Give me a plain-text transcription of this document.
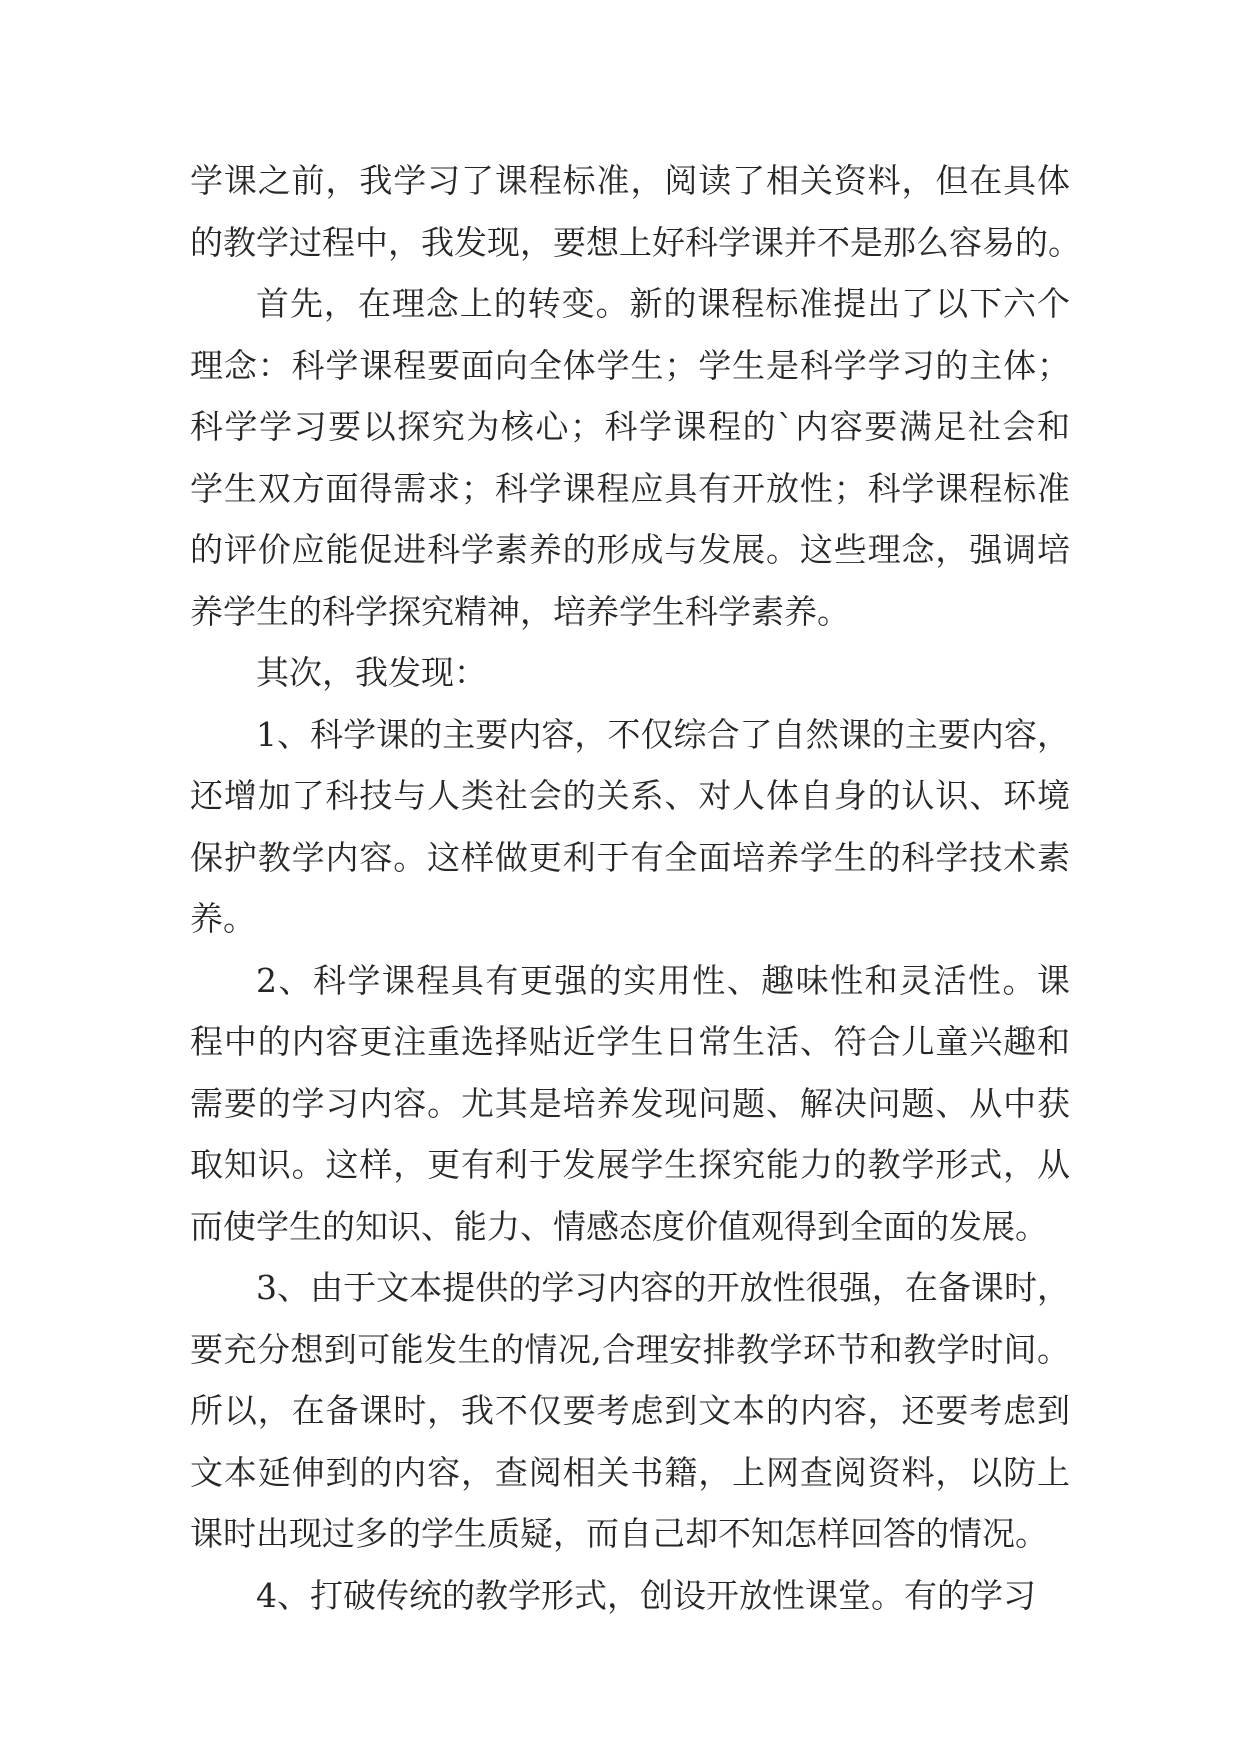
学课之前，我学习了课程标准，阅读了相关资料，但在具体
的教学过程中，我发现，要想上好科学课并不是那么容易的。
首先，在理念上的转变。新的课程标准提出了以下六个
理念：科学课程要面向全体学生；学生是科学学习的主体；
科学学习要以探究为核心；科学课程的`内容要满足社会和
学生双方面得需求；科学课程应具有开放性；科学课程标准
的评价应能促进科学素养的形成与发展。这些理念，强调培
养学生的科学探究精神，培养学生科学素养。
其次，我发现：
1、科学课的主要内容，不仅综合了自然课的主要内容，
还增加了科技与人类社会的关系、对人体自身的认识、环境
保护教学内容。这样做更利于有全面培养学生的科学技术素
养。
2、科学课程具有更强的实用性、趣味性和灵活性。课
程中的内容更注重选择贴近学生日常生活、符合儿童兴趣和
需要的学习内容。尤其是培养发现问题、解决问题、从中获
取知识。这样，更有利于发展学生探究能力的教学形式，从
而使学生的知识、能力、情感态度价值观得到全面的发展。
3、由于文本提供的学习内容的开放性很强，在备课时，
要充分想到可能发生的情况,合理安排教学环节和教学时间。
所以，在备课时，我不仅要考虑到文本的内容，还要考虑到
文本延伸到的内容，查阅相关书籍，上网查阅资料，以防上
课时出现过多的学生质疑，而自己却不知怎样回答的情况。
4、打破传统的教学形式，创设开放性课堂。有的学习
